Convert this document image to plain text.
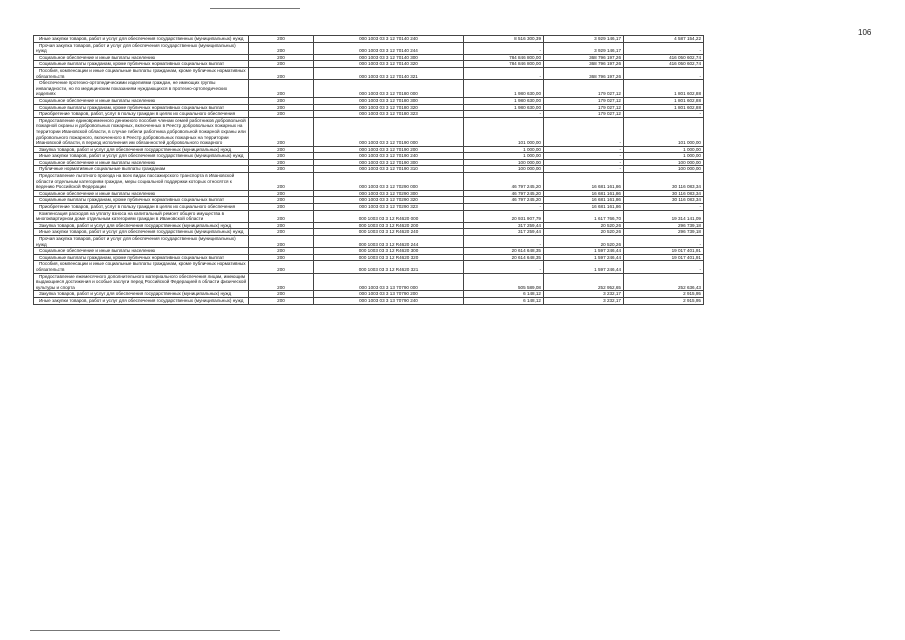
106
Иные закупки товаров, работ и услуг для обеспечения государственных (муниципальных) нужд	200	000 1003 03 3 12 70140 240	8 516 300,39	3 929 146,17	4 587 154,22
Прочая закупка товаров, работ и услуг для обеспечения государственных (муниципальных) нужд	200	000 1003 03 3 12 70140 244	-	3 929 146,17	-
Социальное обеспечение и иные выплаты населению	200	000 1003 03 3 12 70140 300	784 846 800,00	368 796 197,26	416 050 602,74
Социальные выплаты гражданам, кроме публичных нормативных социальных выплат	200	000 1003 03 3 12 70140 320	784 846 800,00	368 796 197,26	416 050 602,74
Пособия, компенсации и иные социальные выплаты гражданам, кроме публичных нормативных обязательств	200	000 1003 03 3 12 70140 321	-	368 796 197,26	-
Обеспечение протезно-ортопедическими изделиями граждан, не имеющих группы инвалидности, но по медицинским показаниям нуждающихся в протезно-ортопедических изделиях	200	000 1003 03 3 12 70180 000	1 980 630,00	179 027,12	1 801 602,88
Социальное обеспечение и иные выплаты населению	200	000 1003 03 3 12 70180 300	1 980 630,00	179 027,12	1 801 602,88
Социальные выплаты гражданам, кроме публичных нормативных социальных выплат	200	000 1003 03 3 12 70180 320	1 980 630,00	179 027,12	1 801 602,88
Приобретение товаров, работ, услуг в пользу граждан в целях их социального обеспечения	200	000 1003 03 3 12 70180 323	-	179 027,12	-
Предоставление единовременного денежного пособия членам семей работников добровольной пожарной охраны и добровольных пожарных, включенных в Реестр добровольных пожарных на территории Ивановской области, в случае гибели работника добровольной пожарной охраны или добровольного пожарного, включенного в Реестр добровольных пожарных на территории Ивановской области, в период исполнения им обязанностей добровольного пожарного	200	000 1003 03 3 12 70190 000	101 000,00	-	101 000,00
Закупка товаров, работ и услуг для обеспечения государственных (муниципальных) нужд	200	000 1003 03 3 12 70190 200	1 000,00	-	1 000,00
Иные закупки товаров, работ и услуг для обеспечения государственных (муниципальных) нужд	200	000 1003 03 3 12 70190 240	1 000,00	-	1 000,00
Социальное обеспечение и иные выплаты населению	200	000 1003 03 3 12 70190 300	100 000,00	-	100 000,00
Публичные нормативные социальные выплаты гражданам	200	000 1003 03 3 12 70190 310	100 000,00	-	100 000,00
Предоставление льготного проезда на всех видах пассажирского транспорта в Ивановской области отдельным категориям граждан, меры социальной поддержки которых относятся к ведению Российской Федерации	200	000 1003 03 3 12 70290 000	46 797 245,20	16 681 161,86	30 116 083,34
Социальное обеспечение и иные выплаты населению	200	000 1003 03 3 12 70290 300	46 797 245,20	16 681 161,86	30 116 083,34
Социальные выплаты гражданам, кроме публичных нормативных социальных выплат	200	000 1003 03 3 12 70290 320	46 797 245,20	16 681 161,86	30 116 083,34
Приобретение товаров, работ, услуг в пользу граждан в целях их социального обеспечения	200	000 1003 03 3 12 70290 323	-	16 681 161,86	-
Компенсация расходов на уплату взноса на капитальный ремонт общего имущества в многоквартирном доме отдельным категориям граждан в Ивановской области	200	000 1003 03 3 12 R4620 000	20 931 907,79	1 617 766,70	19 314 141,09
Закупка товаров, работ и услуг для обеспечения государственных (муниципальных) нужд	200	000 1003 03 3 12 R4620 200	317 259,44	20 520,26	296 739,18
Иные закупки товаров, работ и услуг для обеспечения государственных (муниципальных) нужд	200	000 1003 03 3 12 R4620 240	317 259,44	20 520,26	296 739,18
Прочая закупка товаров, работ и услуг для обеспечения государственных (муниципальных) нужд	200	000 1003 03 3 12 R4620 244	-	20 520,26	-
Социальное обеспечение и иные выплаты населению	200	000 1003 03 3 12 R4620 300	20 614 648,35	1 597 246,44	19 017 401,91
Социальные выплаты гражданам, кроме публичных нормативных социальных выплат	200	000 1003 03 3 12 R4620 320	20 614 648,35	1 597 246,44	19 017 401,91
Пособия, компенсации и иные социальные выплаты гражданам, кроме публичных нормативных обязательств	200	000 1003 03 3 12 R4620 321	-	1 597 246,44	-
Предоставление ежемесячного дополнительного материального обеспечения лицам, имеющим выдающиеся достижения и особые заслуги перед Российской Федерацией в области физической культуры и спорта	200	000 1003 03 3 13 70790 000	505 589,08	252 952,65	252 636,43
Закупка товаров, работ и услуг для обеспечения государственных (муниципальных) нужд	200	000 1003 03 3 13 70790 200	6 148,12	3 232,17	2 915,95
Иные закупки товаров, работ и услуг для обеспечения государственных (муниципальных) нужд	200	000 1003 03 3 13 70790 240	6 148,12	3 232,17	2 915,95
